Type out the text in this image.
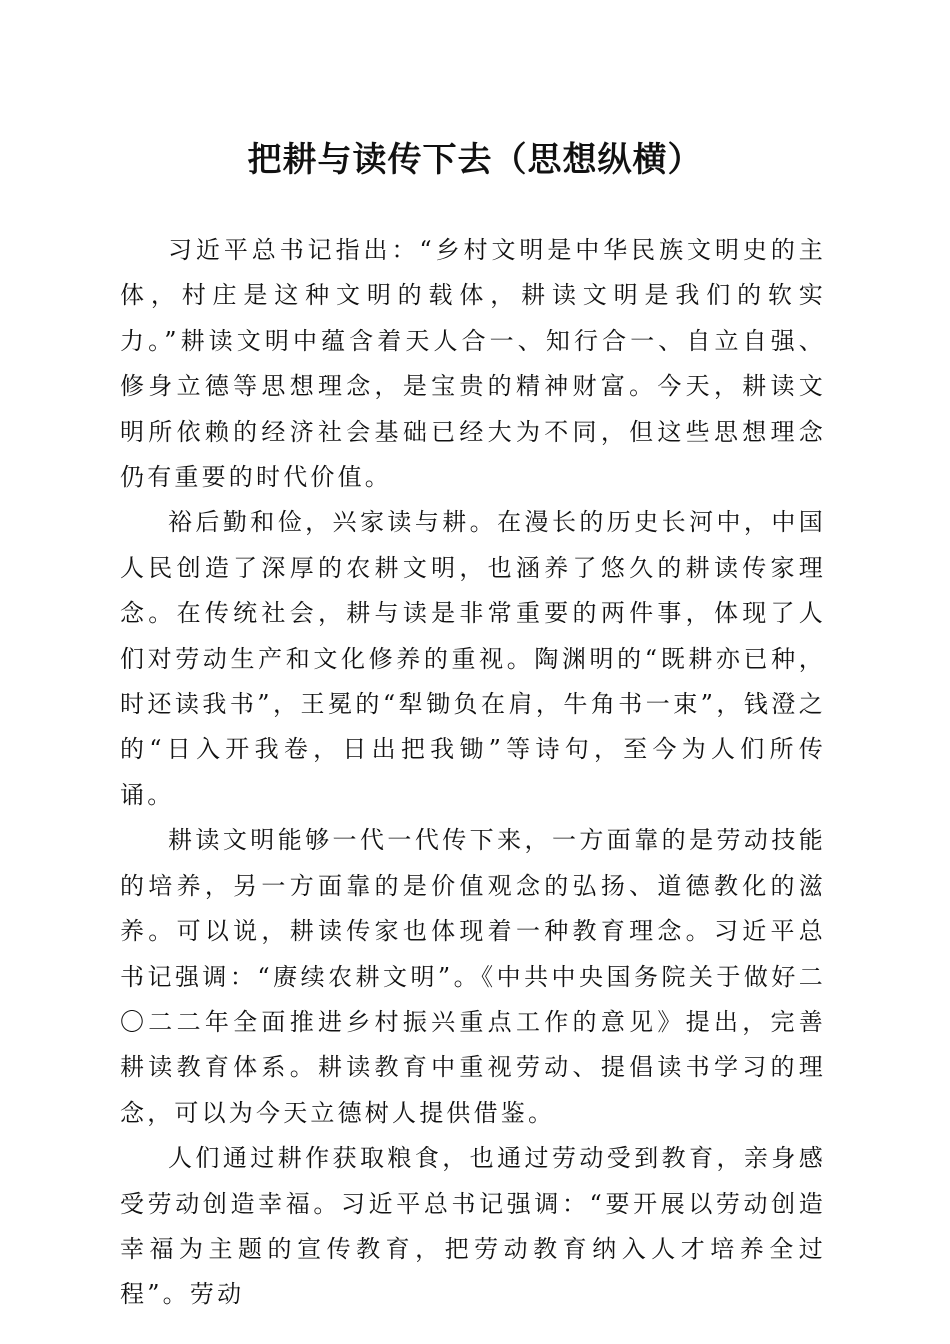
把耕与读传下去（思想纵横）

习近平总书记指出：“乡村文明是中华民族文明史的主体，村庄是这种文明的载体，耕读文明是我们的软实力。”耕读文明中蕴含着天人合一、知行合一、自立自强、修身立德等思想理念，是宝贵的精神财富。今天，耕读文明所依赖的经济社会基础已经大为不同，但这些思想理念仍有重要的时代价值。

裕后勤和俭，兴家读与耕。在漫长的历史长河中，中国人民创造了深厚的农耕文明，也涵养了悠久的耕读传家理念。在传统社会，耕与读是非常重要的两件事，体现了人们对劳动生产和文化修养的重视。陶渊明的“既耕亦已种，时还读我书”，王冕的“犁锄负在肩，牛角书一束”，钱澄之的“日入开我卷，日出把我锄”等诗句，至今为人们所传诵。

耕读文明能够一代一代传下来，一方面靠的是劳动技能的培养，另一方面靠的是价值观念的弘扬、道德教化的滋养。可以说，耕读传家也体现着一种教育理念。习近平总书记强调：“赓续农耕文明”。《中共中央国务院关于做好二〇二二年全面推进乡村振兴重点工作的意见》提出，完善耕读教育体系。耕读教育中重视劳动、提倡读书学习的理念，可以为今天立德树人提供借鉴。

人们通过耕作获取粮食，也通过劳动受到教育，亲身感受劳动创造幸福。习近平总书记强调：“要开展以劳动创造幸福为主题的宣传教育，把劳动教育纳入人才培养全过程”。劳动
